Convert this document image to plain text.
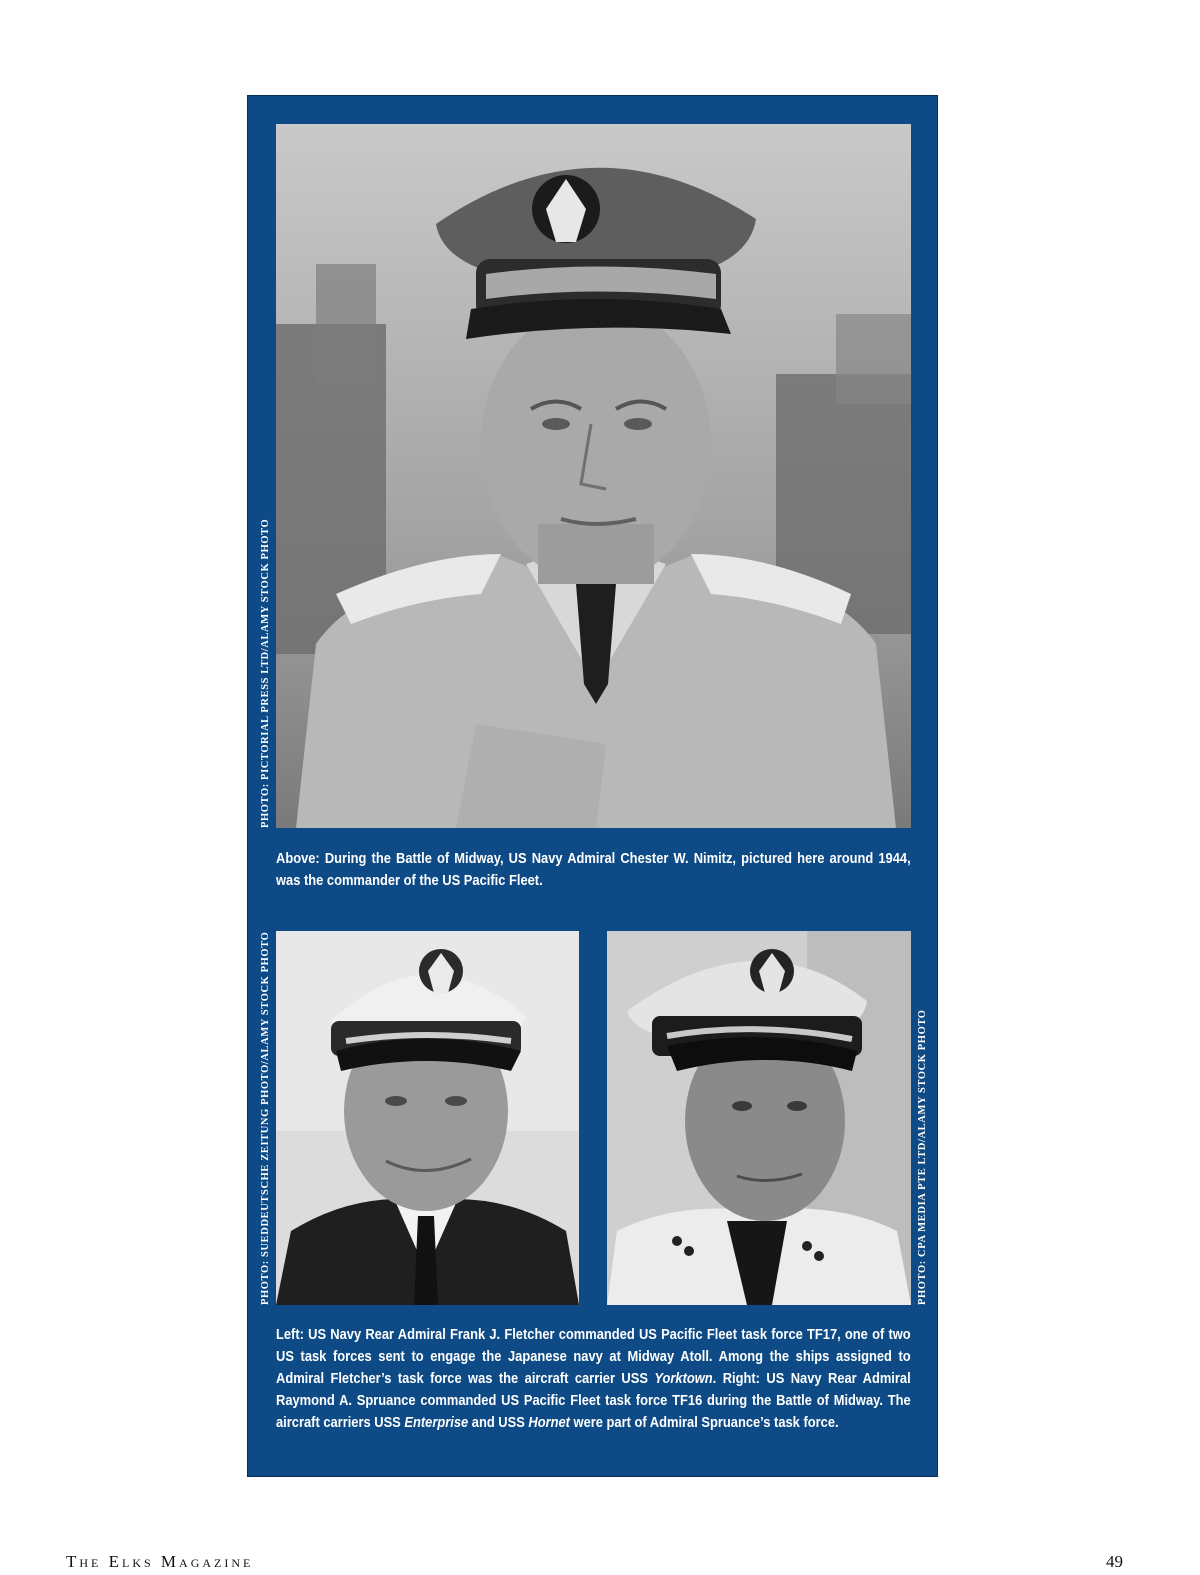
PHOTO: PICTORIAL PRESS LTD/ALAMY STOCK PHOTO
Above: During the Battle of Midway, US Navy Admiral Chester W. Nimitz, pictured here around 1944, was the commander of the US Pacific Fleet.
PHOTO: SUEDDEUTSCHE ZEITUNG PHOTO/ALAMY STOCK PHOTO	PHOTO: CPA MEDIA PTE LTD/ALAMY STOCK PHOTO
Left: US Navy Rear Admiral Frank J. Fletcher commanded US Pacific Fleet task force TF17, one of two US task forces sent to engage the Japanese navy at Midway Atoll. Among the ships assigned to Admiral Fletcher’s task force was the aircraft carrier USS Yorktown. Right: US Navy Rear Admiral Raymond A. Spruance commanded US Pacific Fleet task force TF16 during the Battle of Midway. The aircraft carriers USS Enterprise and USS Hornet were part of Admiral Spruance’s task force.
The Elks Magazine	49
